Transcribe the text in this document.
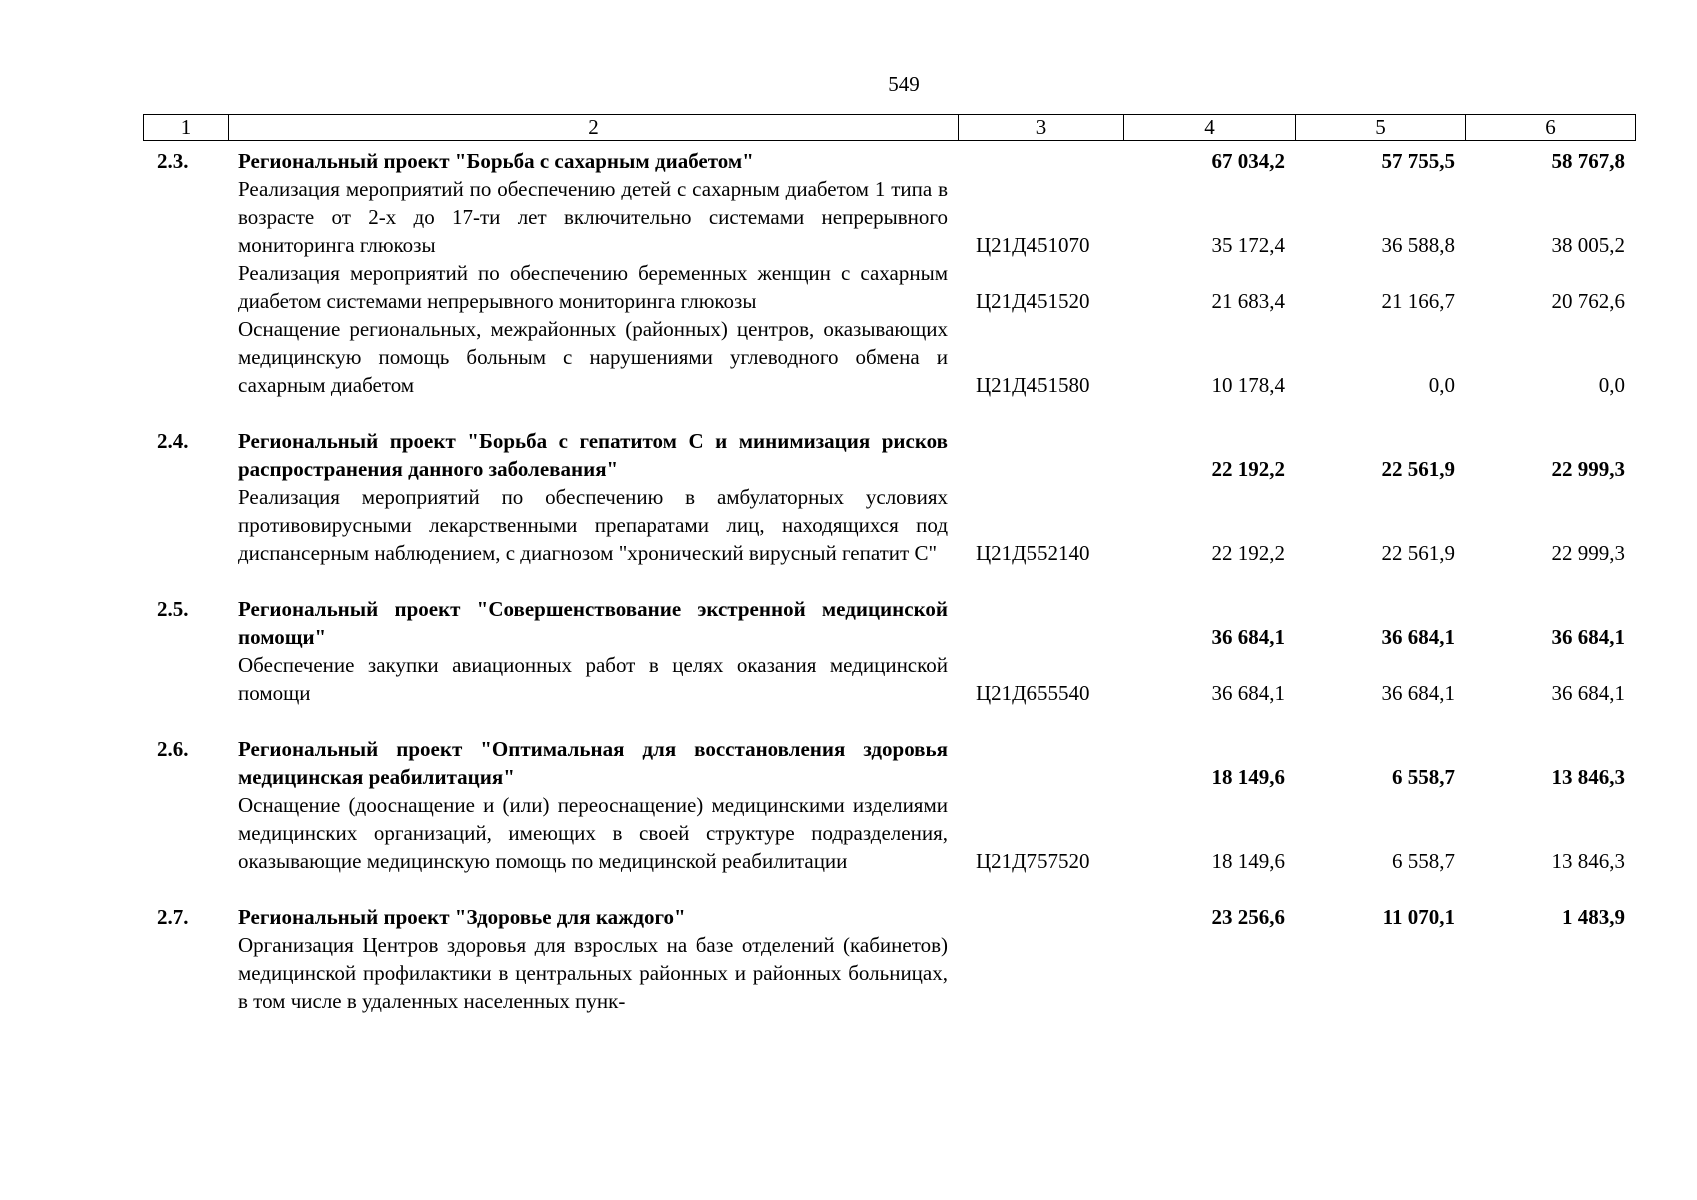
549
1	2	3	4	5	6
2.3.	Региональный проект "Борьба с сахарным диабетом"		67 034,2	57 755,5	58 767,8
	Реализация мероприятий по обеспечению детей с сахарным диабетом 1 типа в возрасте от 2-х до 17-ти лет включительно системами непрерывного мониторинга глюкозы	Ц21Д451070	35 172,4	36 588,8	38 005,2
	Реализация мероприятий по обеспечению беременных женщин с сахарным диабетом системами непрерывного мониторинга глюкозы	Ц21Д451520	21 683,4	21 166,7	20 762,6
	Оснащение региональных, межрайонных (районных) центров, оказывающих медицинскую помощь больным с нарушениями углеводного обмена и сахарным диабетом	Ц21Д451580	10 178,4	0,0	0,0

2.4.	Региональный проект "Борьба с гепатитом С и минимизация рисков распространения данного заболевания"		22 192,2	22 561,9	22 999,3
	Реализация мероприятий по обеспечению в амбулаторных условиях противовирусными лекарственными препаратами лиц, находящихся под диспансерным наблюдением, с диагнозом "хронический вирусный гепатит С"	Ц21Д552140	22 192,2	22 561,9	22 999,3

2.5.	Региональный проект "Совершенствование экстренной медицинской помощи"		36 684,1	36 684,1	36 684,1
	Обеспечение закупки авиационных работ в целях оказания медицинской помощи	Ц21Д655540	36 684,1	36 684,1	36 684,1

2.6.	Региональный проект "Оптимальная для восстановления здоровья медицинская реабилитация"		18 149,6	6 558,7	13 846,3
	Оснащение (дооснащение и (или) переоснащение) медицинскими изделиями медицинских организаций, имеющих в своей структуре подразделения, оказывающие медицинскую помощь по медицинской реабилитации	Ц21Д757520	18 149,6	6 558,7	13 846,3

2.7.	Региональный проект "Здоровье для каждого"		23 256,6	11 070,1	1 483,9
	Организация Центров здоровья для взрослых на базе отделений (кабинетов) медицинской профилактики в центральных районных и районных больницах, в том числе в удаленных населенных пунк-				
